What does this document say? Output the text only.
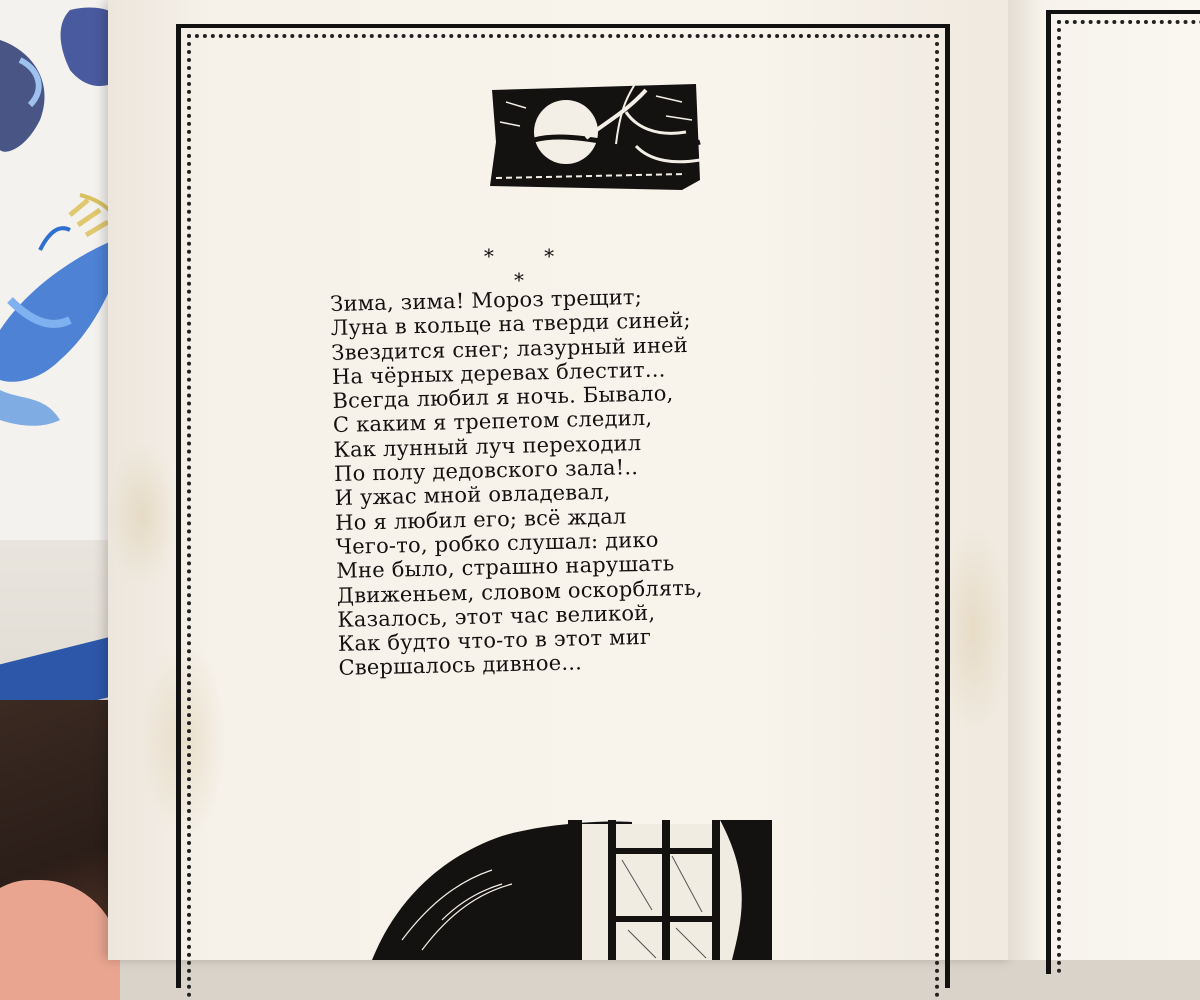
* * *
Зима, зима! Мороз трещит;
Луна в кольце на тверди синей;
Звездится снег; лазурный иней
На чёрных деревах блестит...
Всегда любил я ночь. Бывало,
С каким я трепетом следил,
Как лунный луч переходил
По полу дедовского зала!..
И ужас мной овладевал,
Но я любил его; всё ждал
Чего-то, робко слушал: дико
Мне было, страшно нарушать
Движеньем, словом оскорблять,
Казалось, этот час великой,
Как будто что-то в этот миг
Свершалось дивное...
